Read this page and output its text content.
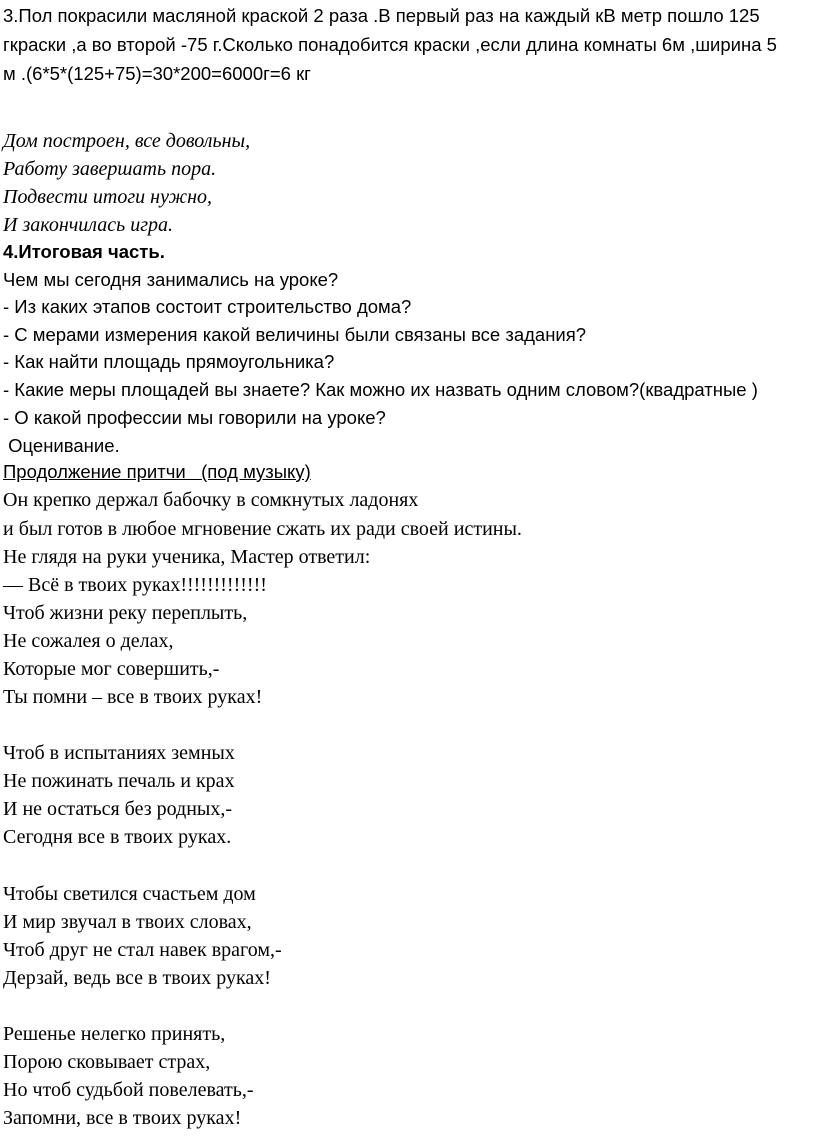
3.Пол покрасили масляной краской 2 раза .В первый раз на каждый кВ метр пошло 125
гкраски ,а во второй -75 г.Сколько понадобится краски ,если длина комнаты 6м ,ширина 5
м .(6*5*(125+75)=30*200=6000г=6 кг
Дом построен, все довольны,
Работу завершать пора.
Подвести итоги нужно,
И закончилась игра.
4.Итоговая часть.
Чем мы сегодня занимались на уроке?
- Из каких этапов состоит строительство дома?
- С мерами измерения какой величины были связаны все задания?
- Как найти площадь прямоугольника?
- Какие меры площадей вы знаете? Как можно их назвать одним словом?(квадратные )
- О какой профессии мы говорили на уроке?
Оценивание.
Продолжение притчи   (под музыку)
Он крепко держал бабочку в сомкнутых ладонях
и был готов в любое мгновение сжать их ради своей истины.
Не глядя на руки ученика, Мастер ответил:
— Всё в твоих руках!!!!!!!!!!!!!
Чтоб жизни реку переплыть,
Не сожалея о делах,
Которые мог совершить,-
Ты помни – все в твоих руках!
Чтоб в испытаниях земных
Не пожинать печаль и крах
И не остаться без родных,-
Сегодня все в твоих руках.
Чтобы светился счастьем дом
И мир звучал в твоих словах,
Чтоб друг не стал навек врагом,-
Дерзай, ведь все в твоих руках!
Решенье нелегко принять,
Порою сковывает страх,
Но чтоб судьбой повелевать,-
Запомни, все в твоих руках!
